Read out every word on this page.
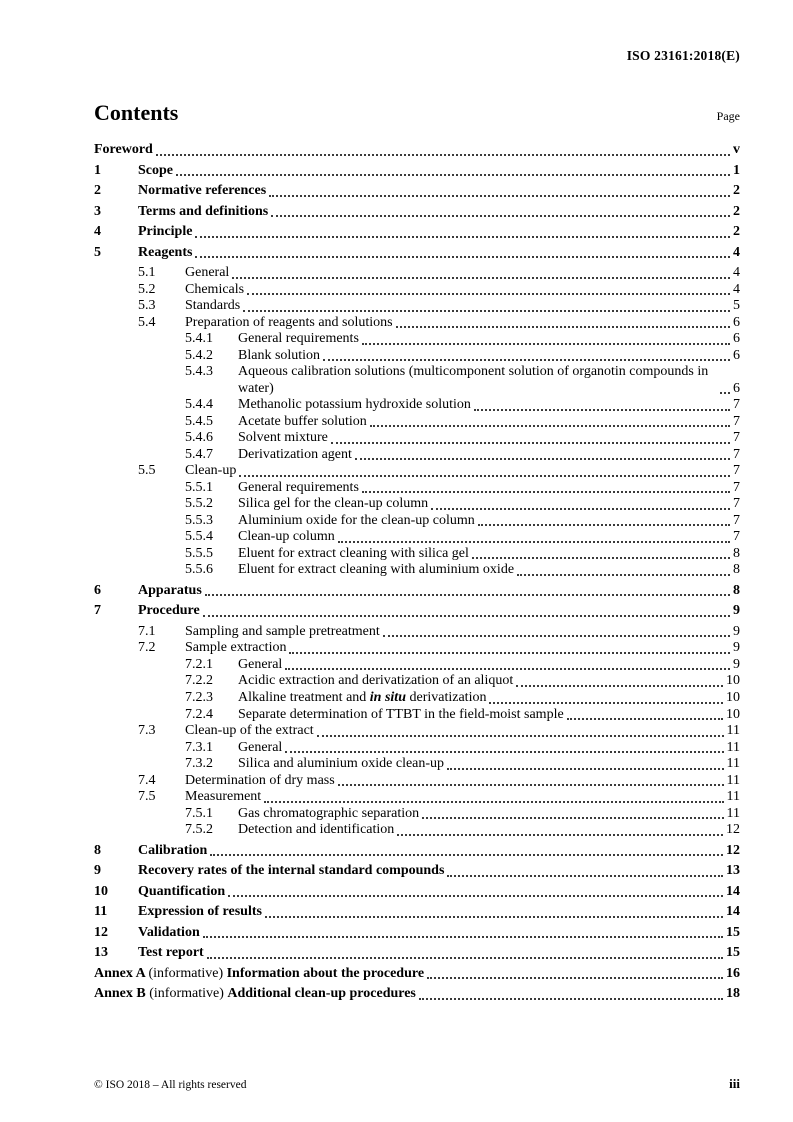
ISO 23161:2018(E)
Contents	Page
Foreword	v
1	Scope	1
2	Normative references	2
3	Terms and definitions	2
4	Principle	2
5	Reagents	4
5.1	General	4
5.2	Chemicals	4
5.3	Standards	5
5.4	Preparation of reagents and solutions	6
5.4.1	General requirements	6
5.4.2	Blank solution	6
5.4.3	Aqueous calibration solutions (multicomponent solution of organotin compounds in water)	6
5.4.4	Methanolic potassium hydroxide solution	7
5.4.5	Acetate buffer solution	7
5.4.6	Solvent mixture	7
5.4.7	Derivatization agent	7
5.5	Clean-up	7
5.5.1	General requirements	7
5.5.2	Silica gel for the clean-up column	7
5.5.3	Aluminium oxide for the clean-up column	7
5.5.4	Clean-up column	7
5.5.5	Eluent for extract cleaning with silica gel	8
5.5.6	Eluent for extract cleaning with aluminium oxide	8
6	Apparatus	8
7	Procedure	9
7.1	Sampling and sample pretreatment	9
7.2	Sample extraction	9
7.2.1	General	9
7.2.2	Acidic extraction and derivatization of an aliquot	10
7.2.3	Alkaline treatment and in situ derivatization	10
7.2.4	Separate determination of TTBT in the field-moist sample	10
7.3	Clean-up of the extract	11
7.3.1	General	11
7.3.2	Silica and aluminium oxide clean-up	11
7.4	Determination of dry mass	11
7.5	Measurement	11
7.5.1	Gas chromatographic separation	11
7.5.2	Detection and identification	12
8	Calibration	12
9	Recovery rates of the internal standard compounds	13
10	Quantification	14
11	Expression of results	14
12	Validation	15
13	Test report	15
Annex A (informative) Information about the procedure	16
Annex B (informative) Additional clean-up procedures	18
© ISO 2018 – All rights reserved	iii
